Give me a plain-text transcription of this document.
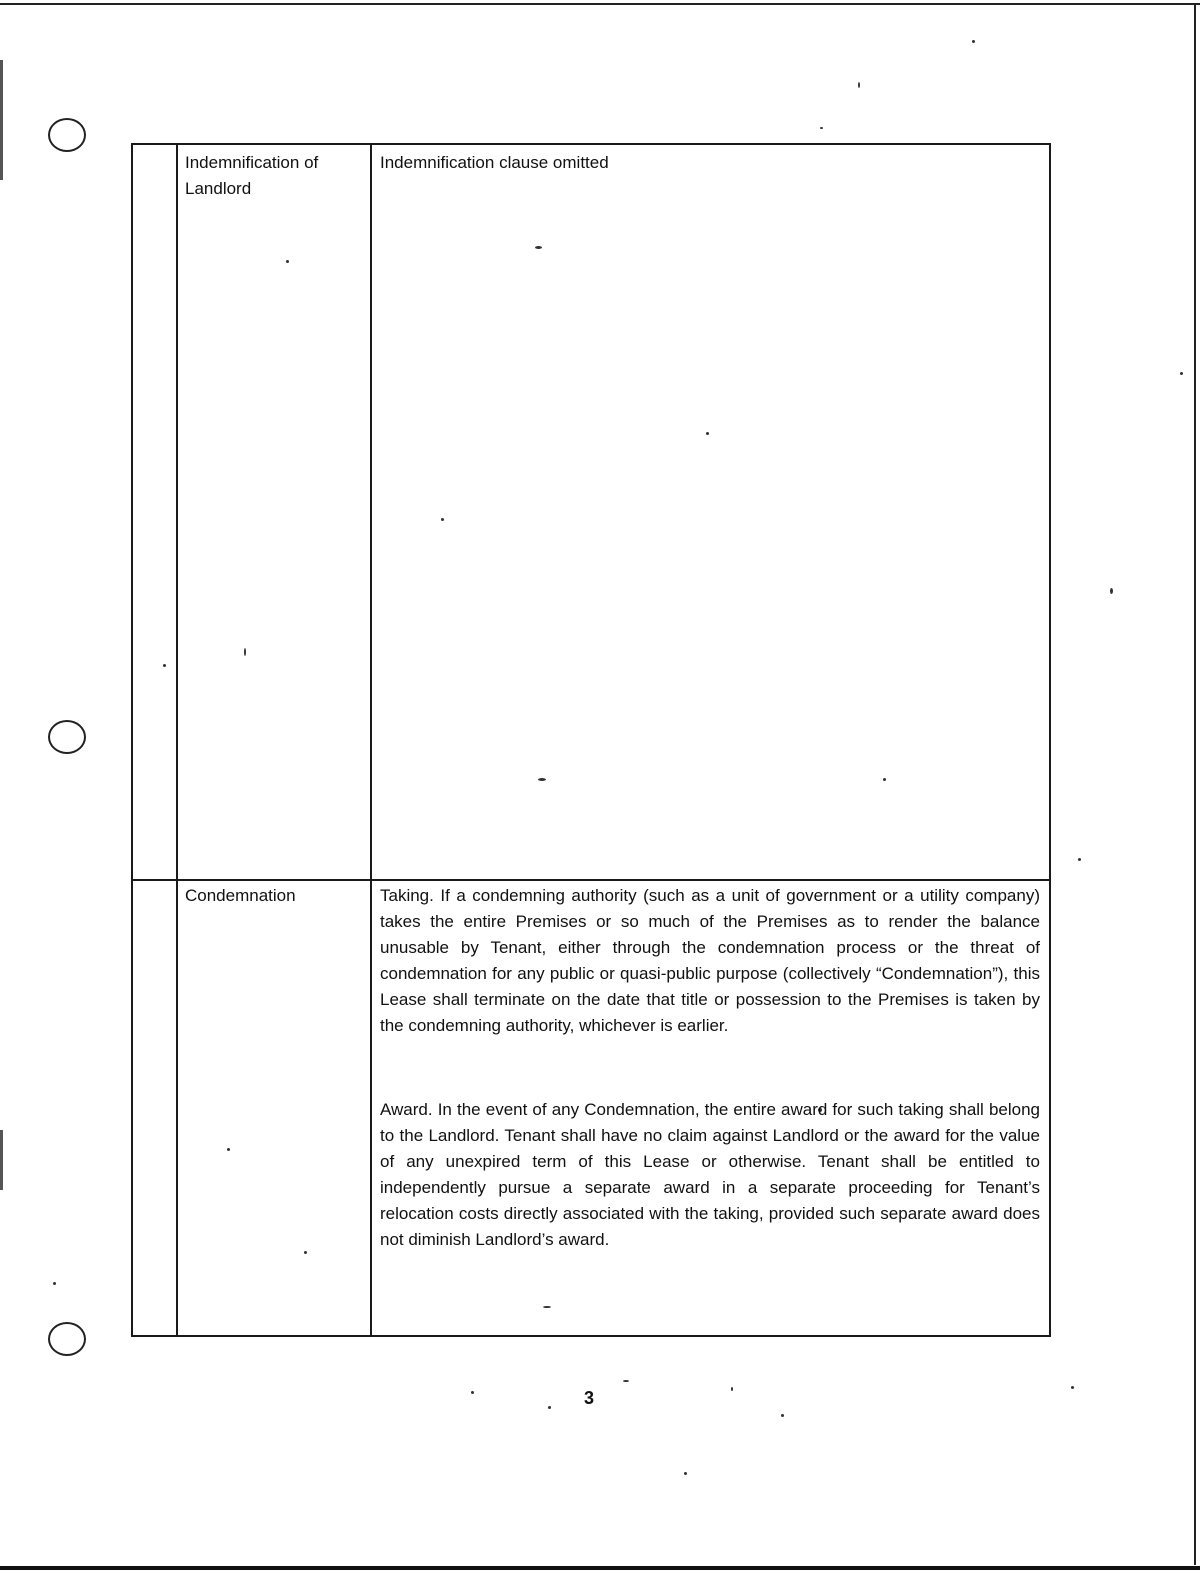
Indemnification of Landlord

Indemnification clause omitted

Condemnation	Taking. If a condemning authority (such as a unit of government or a utility company) takes the entire Premises or so much of the Premises as to render the balance unusable by Tenant, either through the condemnation process or the threat of condemnation for any public or quasi-public purpose (collectively “Condemnation”), this Lease shall terminate on the date that title or possession to the Premises is taken by the condemning authority, whichever is earlier.

Award. In the event of any Condemnation, the entire award for such taking shall belong to the Landlord. Tenant shall have no claim against Landlord or the award for the value of any unexpired term of this Lease or otherwise. Tenant shall be entitled to independently pursue a separate award in a separate proceeding for Tenant’s relocation costs directly associated with the taking, provided such separate award does not diminish Landlord’s award.

3
